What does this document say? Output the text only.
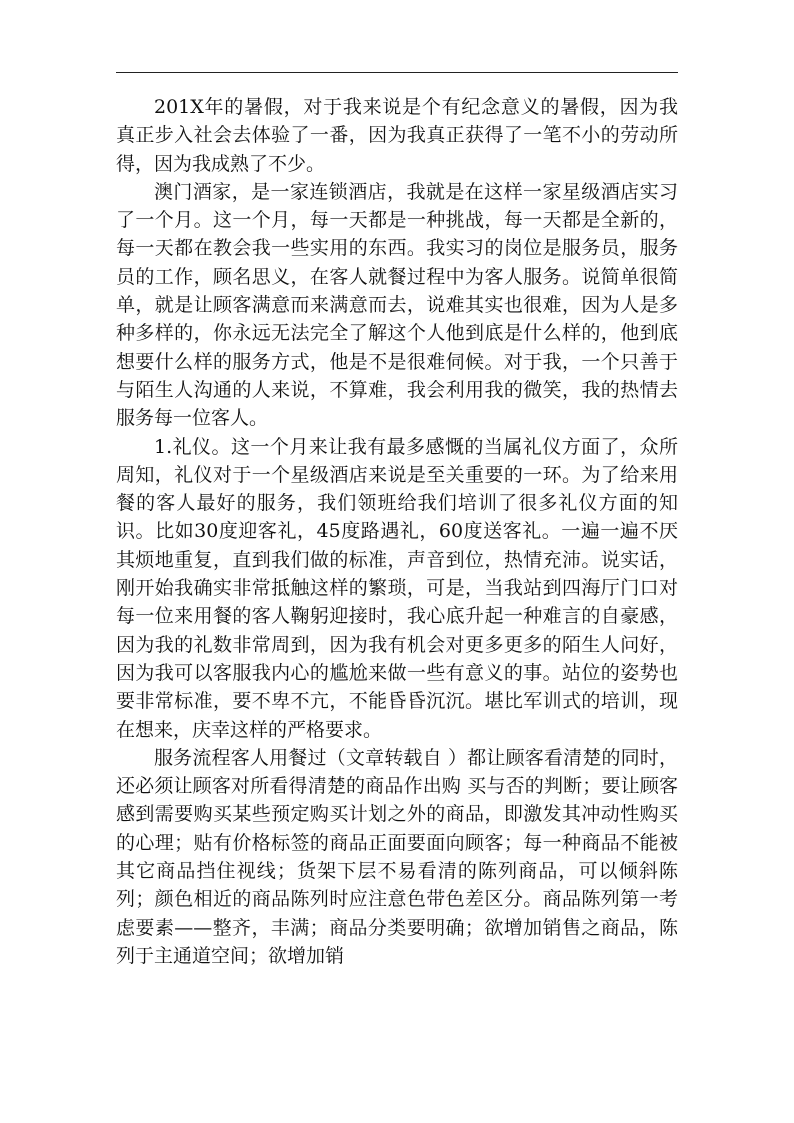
201X年的暑假，对于我来说是个有纪念意义的暑假，因为我真正步入社会去体验了一番，因为我真正获得了一笔不小的劳动所得，因为我成熟了不少。

澳门酒家，是一家连锁酒店，我就是在这样一家星级酒店实习了一个月。这一个月，每一天都是一种挑战，每一天都是全新的，每一天都在教会我一些实用的东西。我实习的岗位是服务员，服务员的工作，顾名思义，在客人就餐过程中为客人服务。说简单很简单，就是让顾客满意而来满意而去，说难其实也很难，因为人是多种多样的，你永远无法完全了解这个人他到底是什么样的，他到底想要什么样的服务方式，他是不是很难伺候。对于我，一个只善于与陌生人沟通的人来说，不算难，我会利用我的微笑，我的热情去服务每一位客人。

1.礼仪。这一个月来让我有最多感慨的当属礼仪方面了，众所周知，礼仪对于一个星级酒店来说是至关重要的一环。为了给来用餐的客人最好的服务，我们领班给我们培训了很多礼仪方面的知识。比如30度迎客礼，45度路遇礼，60度送客礼。一遍一遍不厌其烦地重复，直到我们做的标准，声音到位，热情充沛。说实话，刚开始我确实非常抵触这样的繁琐，可是，当我站到四海厅门口对每一位来用餐的客人鞠躬迎接时，我心底升起一种难言的自豪感，因为我的礼数非常周到，因为我有机会对更多更多的陌生人问好，因为我可以客服我内心的尴尬来做一些有意义的事。站位的姿势也要非常标准，要不卑不亢，不能昏昏沉沉。堪比军训式的培训，现在想来，庆幸这样的严格要求。

服务流程客人用餐过（文章转载自 ）都让顾客看清楚的同时，还必须让顾客对所看得清楚的商品作出购 买与否的判断；要让顾客感到需要购买某些预定购买计划之外的商品，即激发其冲动性购买的心理；贴有价格标签的商品正面要面向顾客；每一种商品不能被其它商品挡住视线；货架下层不易看清的陈列商品，可以倾斜陈列；颜色相近的商品陈列时应注意色带色差区分。商品陈列第一考虑要素——整齐，丰满；商品分类要明确；欲增加销售之商品，陈列于主通道空间；欲增加销
